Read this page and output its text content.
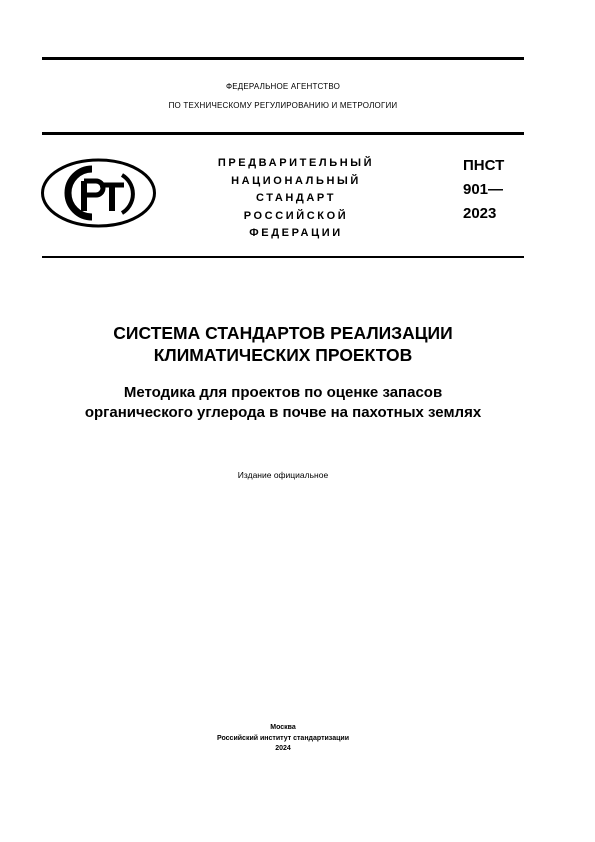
ФЕДЕРАЛЬНОЕ АГЕНТСТВО
ПО ТЕХНИЧЕСКОМУ РЕГУЛИРОВАНИЮ И МЕТРОЛОГИИ
ПРЕДВАРИТЕЛЬНЫЙ
НАЦИОНАЛЬНЫЙ
СТАНДАРТ
РОССИЙСКОЙ
ФЕДЕРАЦИИ
ПНСТ
901—
2023
СИСТЕМА СТАНДАРТОВ РЕАЛИЗАЦИИ
КЛИМАТИЧЕСКИХ ПРОЕКТОВ
Методика для проектов по оценке запасов
органического углерода в почве на пахотных землях
Издание официальное
Москва
Российский институт стандартизации
2024
